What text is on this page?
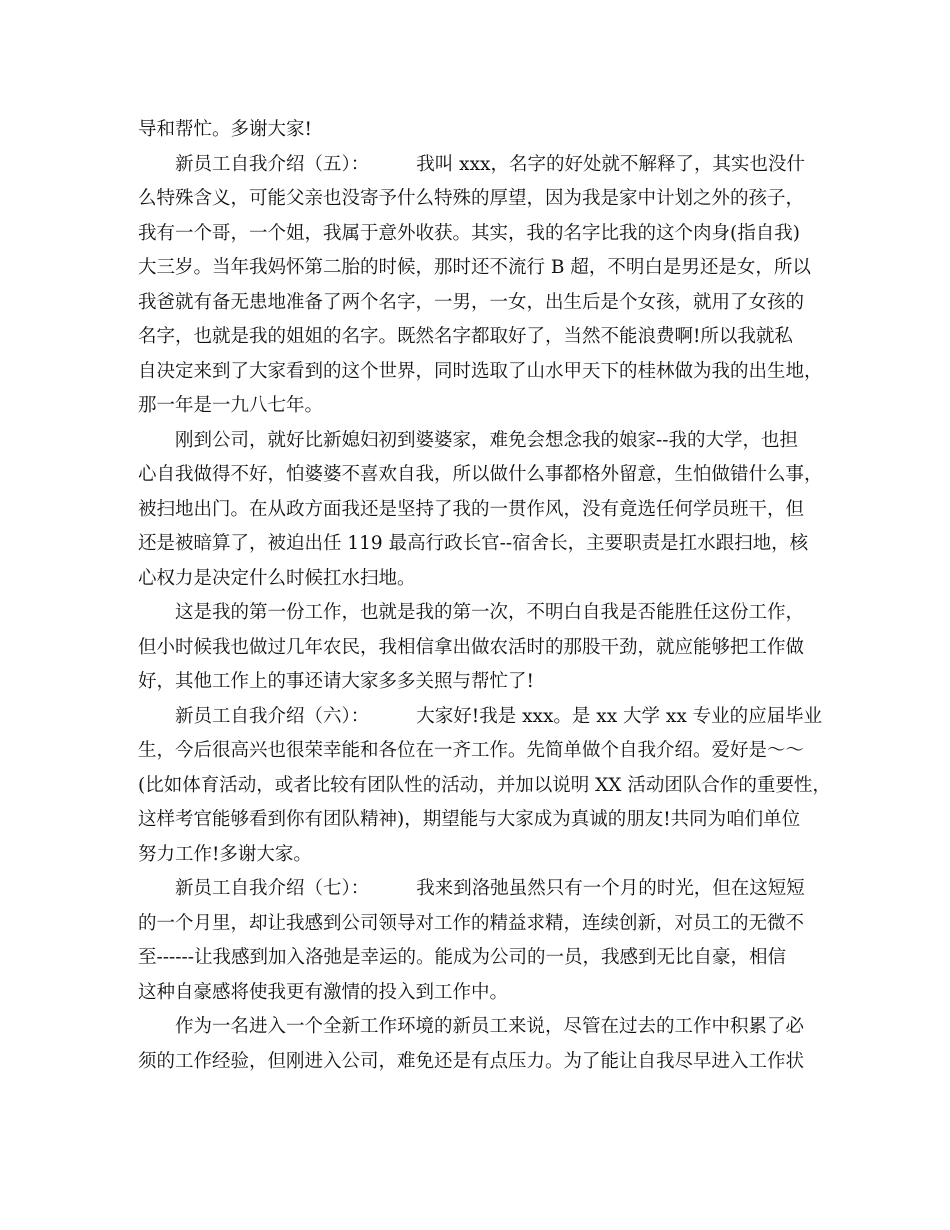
导和帮忙。多谢大家!
新员工自我介绍（五）：        我叫 xxx，名字的好处就不解释了，其实也没什
么特殊含义，可能父亲也没寄予什么特殊的厚望，因为我是家中计划之外的孩子，
我有一个哥，一个姐，我属于意外收获。其实，我的名字比我的这个肉身(指自我)
大三岁。当年我妈怀第二胎的时候，那时还不流行 B 超，不明白是男还是女，所以
我爸就有备无患地准备了两个名字，一男，一女，出生后是个女孩，就用了女孩的
名字，也就是我的姐姐的名字。既然名字都取好了，当然不能浪费啊!所以我就私
自决定来到了大家看到的这个世界，同时选取了山水甲天下的桂林做为我的出生地，
那一年是一九八七年。
刚到公司，就好比新媳妇初到婆婆家，难免会想念我的娘家--我的大学，也担
心自我做得不好，怕婆婆不喜欢自我，所以做什么事都格外留意，生怕做错什么事，
被扫地出门。在从政方面我还是坚持了我的一贯作风，没有竟选任何学员班干，但
还是被暗算了，被迫出任 119 最高行政长官--宿舍长，主要职责是扛水跟扫地，核
心权力是决定什么时候扛水扫地。
这是我的第一份工作，也就是我的第一次，不明白自我是否能胜任这份工作，
但小时候我也做过几年农民，我相信拿出做农活时的那股干劲，就应能够把工作做
好，其他工作上的事还请大家多多关照与帮忙了!
新员工自我介绍（六）：        大家好!我是 xxx。是 xx 大学 xx 专业的应届毕业
生，今后很高兴也很荣幸能和各位在一齐工作。先简单做个自我介绍。爱好是～～
(比如体育活动，或者比较有团队性的活动，并加以说明 XX 活动团队合作的重要性，
这样考官能够看到你有团队精神)，期望能与大家成为真诚的朋友!共同为咱们单位
努力工作!多谢大家。
新员工自我介绍（七）：        我来到洛弛虽然只有一个月的时光，但在这短短
的一个月里，却让我感到公司领导对工作的精益求精，连续创新，对员工的无微不
至------让我感到加入洛弛是幸运的。能成为公司的一员，我感到无比自豪，相信
这种自豪感将使我更有激情的投入到工作中。
作为一名进入一个全新工作环境的新员工来说，尽管在过去的工作中积累了必
须的工作经验，但刚进入公司，难免还是有点压力。为了能让自我尽早进入工作状
